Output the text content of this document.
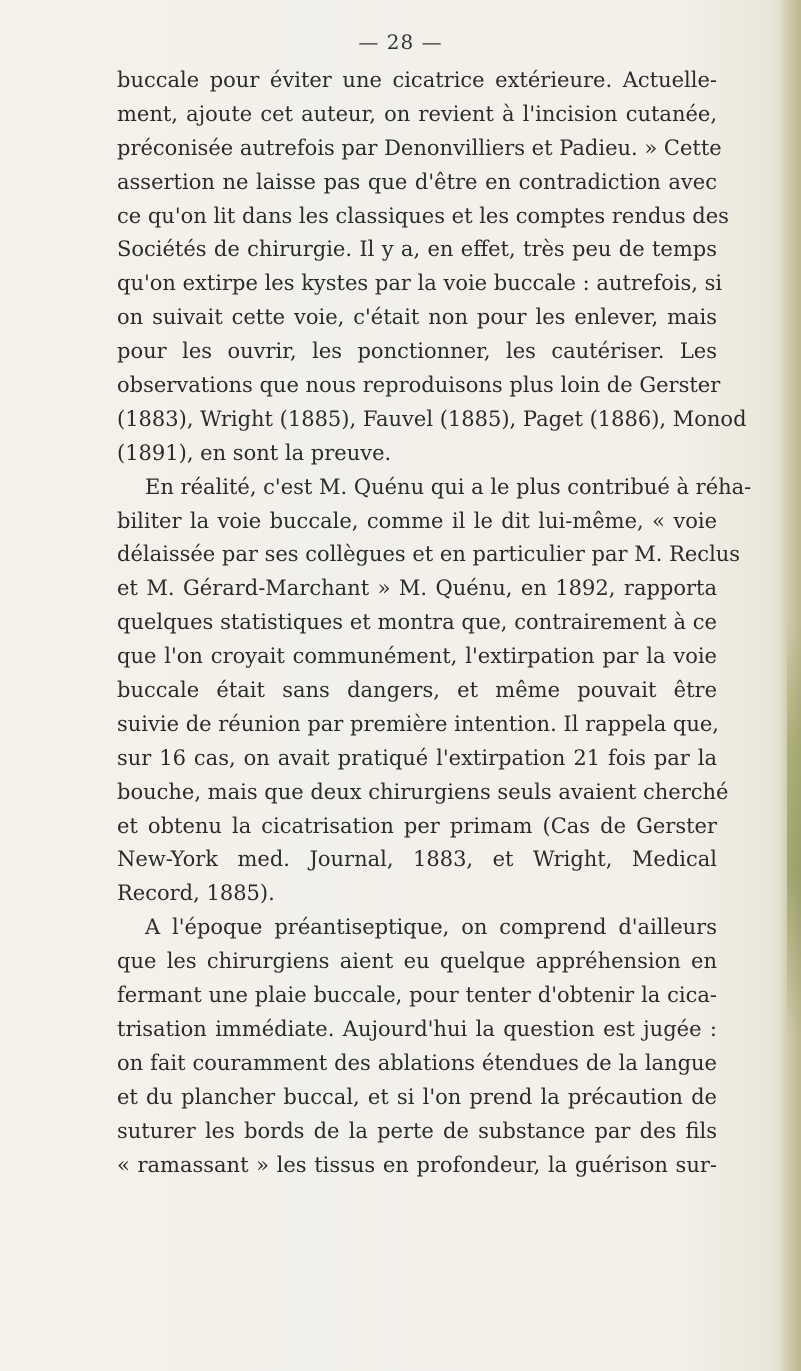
— 28 —
buccale pour éviter une cicatrice extérieure. Actuelle-
ment, ajoute cet auteur, on revient à l'incision cutanée,
préconisée autrefois par Denonvilliers et Padieu. » Cette
assertion ne laisse pas que d'être en contradiction avec
ce qu'on lit dans les classiques et les comptes rendus des
Sociétés de chirurgie. Il y a, en effet, très peu de temps
qu'on extirpe les kystes par la voie buccale : autrefois, si
on suivait cette voie, c'était non pour les enlever, mais
pour les ouvrir, les ponctionner, les cautériser. Les
observations que nous reproduisons plus loin de Gerster
(1883), Wright (1885), Fauvel (1885), Paget (1886), Monod
(1891), en sont la preuve.
En réalité, c'est M. Quénu qui a le plus contribué à réha-
biliter la voie buccale, comme il le dit lui-même, « voie
délaissée par ses collègues et en particulier par M. Reclus
et M. Gérard-Marchant » M. Quénu, en 1892, rapporta
quelques statistiques et montra que, contrairement à ce
que l'on croyait communément, l'extirpation par la voie
buccale était sans dangers, et même pouvait être
suivie de réunion par première intention. Il rappela que,
sur 16 cas, on avait pratiqué l'extirpation 21 fois par la
bouche, mais que deux chirurgiens seuls avaient cherché
et obtenu la cicatrisation per primam (Cas de Gerster
New-York med. Journal, 1883, et Wright, Medical
Record, 1885).
A l'époque préantiseptique, on comprend d'ailleurs
que les chirurgiens aient eu quelque appréhension en
fermant une plaie buccale, pour tenter d'obtenir la cica-
trisation immédiate. Aujourd'hui la question est jugée :
on fait couramment des ablations étendues de la langue
et du plancher buccal, et si l'on prend la précaution de
suturer les bords de la perte de substance par des fils
« ramassant » les tissus en profondeur, la guérison sur-
